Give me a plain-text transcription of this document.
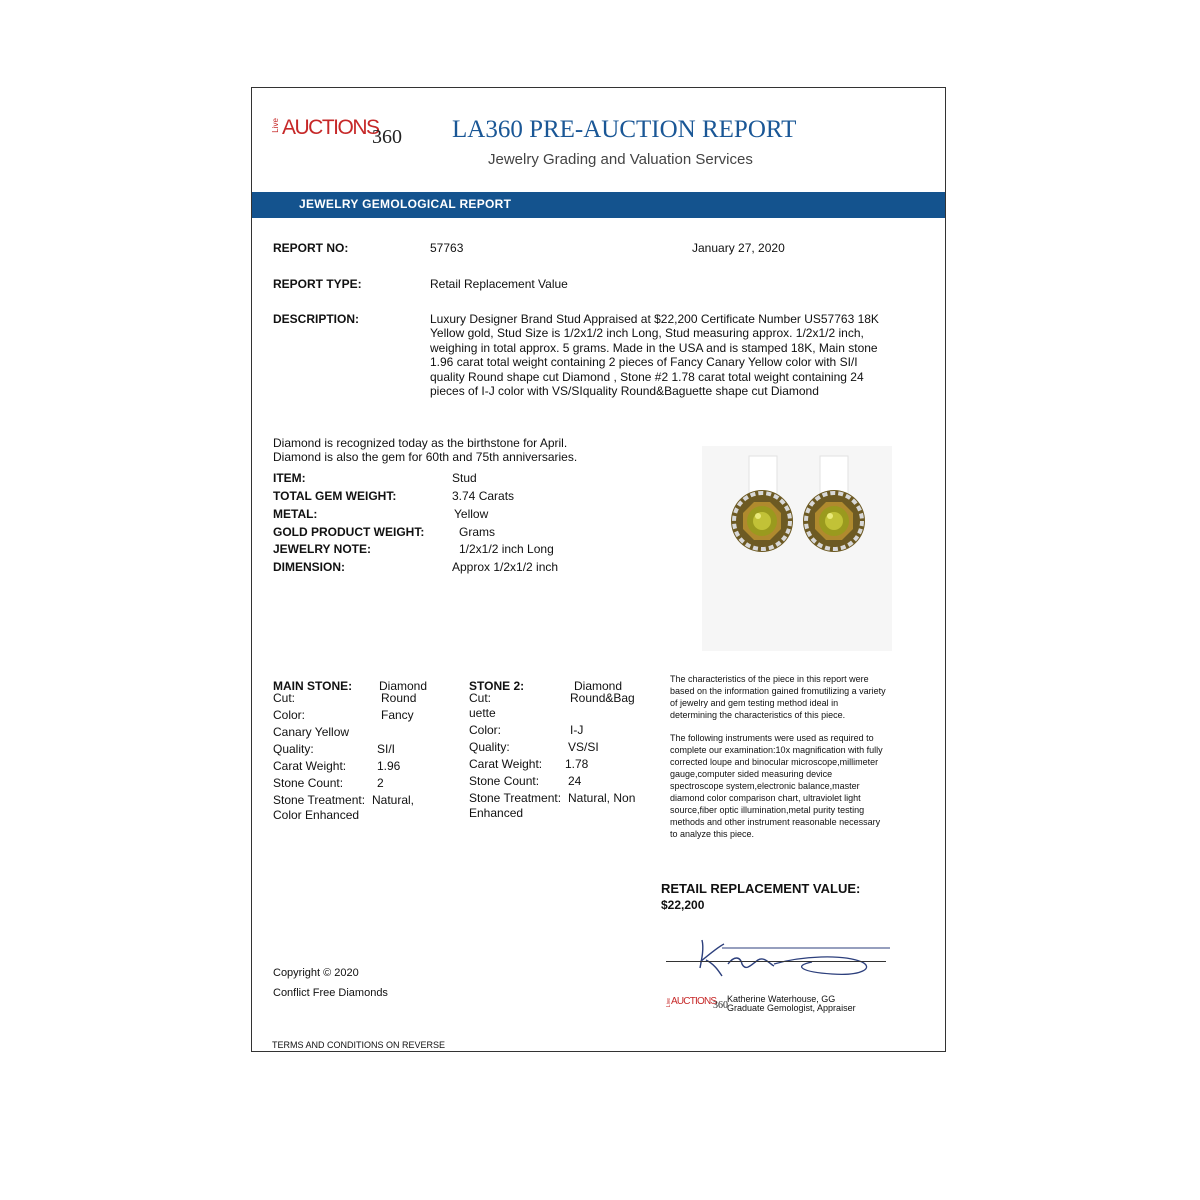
Live AUCTIONS
360 LA360 PRE-AUCTION REPORT
Jewelry Grading and Valuation Services
JEWELRY GEMOLOGICAL REPORT
REPORT NO:	57763	January 27, 2020
REPORT TYPE:	Retail Replacement Value
DESCRIPTION:	Luxury Designer Brand Stud Appraised at $22,200 Certificate Number US57763 18K
Yellow gold, Stud Size is 1/2x1/2 inch Long, Stud measuring approx. 1/2x1/2 inch,
weighing in total approx. 5 grams. Made in the USA and is stamped 18K, Main stone
1.96 carat total weight containing 2 pieces of Fancy Canary Yellow color with SI/I
quality Round shape cut Diamond , Stone #2 1.78 carat total weight containing 24
pieces of I-J color with VS/SIquality Round&Baguette shape cut Diamond
Diamond is recognized today as the birthstone for April.
Diamond is also the gem for 60th and 75th anniversaries.
ITEM:	Stud
TOTAL GEM WEIGHT:	3.74 Carats
METAL:	Yellow
GOLD PRODUCT WEIGHT:	Grams
JEWELRY NOTE:	1/2x1/2 inch Long
DIMENSION:	Approx 1/2x1/2 inch
MAIN STONE: Diamond
Cut:	Round
Color:	Fancy
Canary Yellow
Quality:	SI/I
Carat Weight:	1.96
Stone Count:	2
Stone Treatment: Natural,
Color Enhanced
STONE 2:	Diamond
Cut:	Round&Bag
uette
Color:	I-J
Quality:	VS/SI
Carat Weight: 1.78
Stone Count: 24
Stone Treatment: Natural, Non
Enhanced
The characteristics of the piece in this report were
based on the information gained fromutilizing a variety
of jewelry and gem testing method ideal in
determining the characteristics of this piece.
The following instruments were used as required to
complete our examination:10x magnification with fully
corrected loupe and binocular microscope,millimeter
gauge,computer sided measuring device
spectroscope system,electronic balance,master
diamond color comparison chart, ultraviolet light
source,fiber optic illumination,metal purity testing
methods and other instrument reasonable necessary
to analyze this piece.
RETAIL REPLACEMENT VALUE:
$22,200
Live AUCTIONS
360
Katherine Waterhouse, GG
Graduate Gemologist, Appraiser
Copyright © 2020
Conflict Free Diamonds
TERMS AND CONDITIONS ON REVERSE
